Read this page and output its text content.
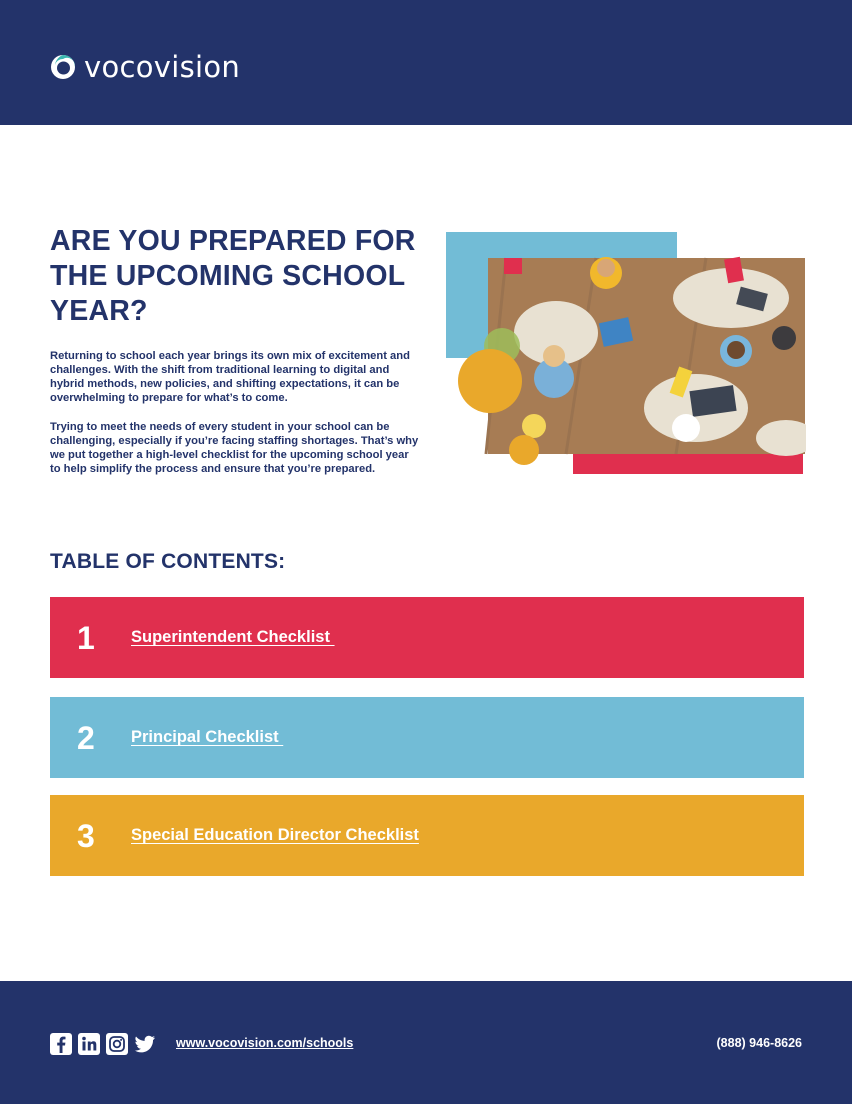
vocovision
ARE YOU PREPARED FOR THE UPCOMING SCHOOL YEAR?

Returning to school each year brings its own mix of excitement and challenges. With the shift from traditional learning to digital and hybrid methods, new policies, and shifting expectations, it can be overwhelming to prepare for what’s to come.

Trying to meet the needs of every student in your school can be challenging, especially if you’re facing staffing shortages. That’s why we put together a high-level checklist for the upcoming school year to help simplify the process and ensure that you’re prepared.

TABLE OF CONTENTS:
1	Superintendent Checklist
2	Principal Checklist
3	Special Education Director Checklist
www.vocovision.com/schools	(888) 946-8626
